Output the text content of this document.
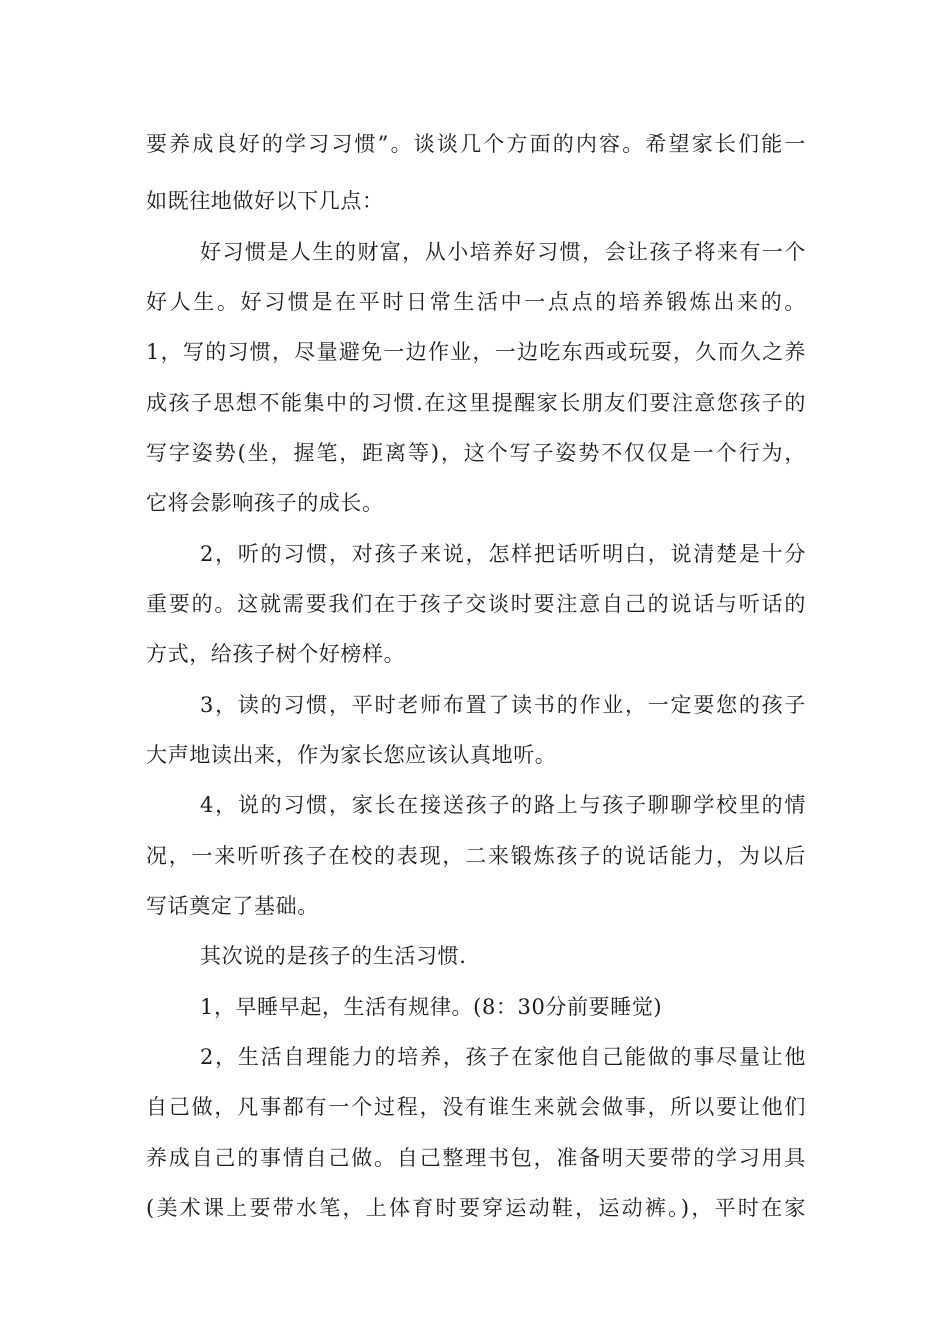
要养成良好的学习习惯”。谈谈几个方面的内容。希望家长们能一
如既往地做好以下几点：
好习惯是人生的财富，从小培养好习惯，会让孩子将来有一个
好人生。好习惯是在平时日常生活中一点点的培养锻炼出来的。
1，写的习惯，尽量避免一边作业，一边吃东西或玩耍，久而久之养
成孩子思想不能集中的习惯.在这里提醒家长朋友们要注意您孩子的
写字姿势(坐，握笔，距离等)，这个写子姿势不仅仅是一个行为，
它将会影响孩子的成长。
2，听的习惯，对孩子来说，怎样把话听明白，说清楚是十分
重要的。这就需要我们在于孩子交谈时要注意自己的说话与听话的
方式，给孩子树个好榜样。
3，读的习惯，平时老师布置了读书的作业，一定要您的孩子
大声地读出来，作为家长您应该认真地听。
4，说的习惯，家长在接送孩子的路上与孩子聊聊学校里的情
况，一来听听孩子在校的表现，二来锻炼孩子的说话能力，为以后
写话奠定了基础。
其次说的是孩子的生活习惯.
1，早睡早起，生活有规律。(8：30分前要睡觉)
2，生活自理能力的培养，孩子在家他自己能做的事尽量让他
自己做，凡事都有一个过程，没有谁生来就会做事，所以要让他们
养成自己的事情自己做。自己整理书包，准备明天要带的学习用具
(美术课上要带水笔，上体育时要穿运动鞋，运动裤。)，平时在家
